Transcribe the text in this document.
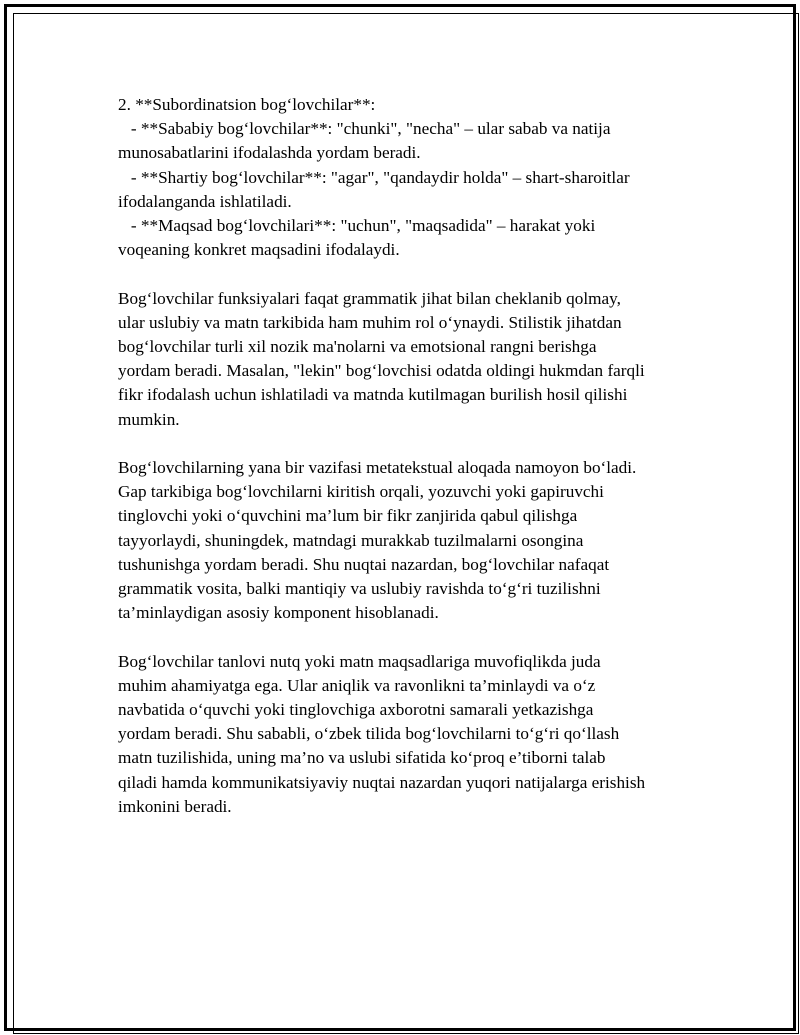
2. **Subordinatsion bog‘lovchilar**:
- **Sababiy bog‘lovchilar**: "chunki", "necha" – ular sabab va natija
munosabatlarini ifodalashda yordam beradi.
- **Shartiy bog‘lovchilar**: "agar", "qandaydir holda" – shart-sharoitlar
ifodalanganda ishlatiladi.
- **Maqsad bog‘lovchilari**: "uchun", "maqsadida" – harakat yoki
voqeaning konkret maqsadini ifodalaydi.
Bog‘lovchilar funksiyalari faqat grammatik jihat bilan cheklanib qolmay,
ular uslubiy va matn tarkibida ham muhim rol o‘ynaydi. Stilistik jihatdan
bog‘lovchilar turli xil nozik ma'nolarni va emotsional rangni berishga
yordam beradi. Masalan, "lekin" bog‘lovchisi odatda oldingi hukmdan farqli
fikr ifodalash uchun ishlatiladi va matnda kutilmagan burilish hosil qilishi
mumkin.
Bog‘lovchilarning yana bir vazifasi metatekstual aloqada namoyon bo‘ladi.
Gap tarkibiga bog‘lovchilarni kiritish orqali, yozuvchi yoki gapiruvchi
tinglovchi yoki o‘quvchini ma’lum bir fikr zanjirida qabul qilishga
tayyorlaydi, shuningdek, matndagi murakkab tuzilmalarni osongina
tushunishga yordam beradi. Shu nuqtai nazardan, bog‘lovchilar nafaqat
grammatik vosita, balki mantiqiy va uslubiy ravishda to‘g‘ri tuzilishni
ta’minlaydigan asosiy komponent hisoblanadi.
Bog‘lovchilar tanlovi nutq yoki matn maqsadlariga muvofiqlikda juda
muhim ahamiyatga ega. Ular aniqlik va ravonlikni ta’minlaydi va o‘z
navbatida o‘quvchi yoki tinglovchiga axborotni samarali yetkazishga
yordam beradi. Shu sababli, o‘zbek tilida bog‘lovchilarni to‘g‘ri qo‘llash
matn tuzilishida, uning ma’no va uslubi sifatida ko‘proq e’tiborni talab
qiladi hamda kommunikatsiyaviy nuqtai nazardan yuqori natijalarga erishish
imkonini beradi.
